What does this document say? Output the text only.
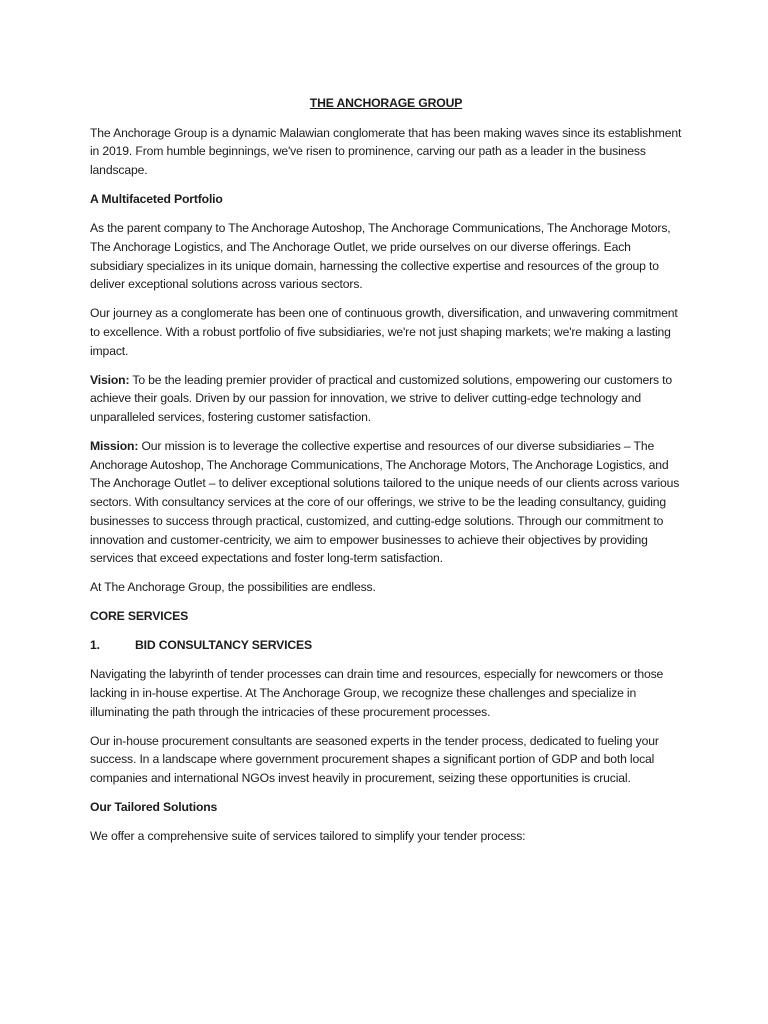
THE ANCHORAGE GROUP

The Anchorage Group is a dynamic Malawian conglomerate that has been making waves since its establishment in 2019. From humble beginnings, we've risen to prominence, carving our path as a leader in the business landscape.

A Multifaceted Portfolio

As the parent company to The Anchorage Autoshop, The Anchorage Communications, The Anchorage Motors, The Anchorage Logistics, and The Anchorage Outlet, we pride ourselves on our diverse offerings. Each subsidiary specializes in its unique domain, harnessing the collective expertise and resources of the group to deliver exceptional solutions across various sectors.

Our journey as a conglomerate has been one of continuous growth, diversification, and unwavering commitment to excellence. With a robust portfolio of five subsidiaries, we're not just shaping markets; we're making a lasting impact.

Vision: To be the leading premier provider of practical and customized solutions, empowering our customers to achieve their goals. Driven by our passion for innovation, we strive to deliver cutting-edge technology and unparalleled services, fostering customer satisfaction.

Mission: Our mission is to leverage the collective expertise and resources of our diverse subsidiaries – The Anchorage Autoshop, The Anchorage Communications, The Anchorage Motors, The Anchorage Logistics, and The Anchorage Outlet – to deliver exceptional solutions tailored to the unique needs of our clients across various sectors. With consultancy services at the core of our offerings, we strive to be the leading consultancy, guiding businesses to success through practical, customized, and cutting-edge solutions. Through our commitment to innovation and customer-centricity, we aim to empower businesses to achieve their objectives by providing services that exceed expectations and foster long-term satisfaction.

At The Anchorage Group, the possibilities are endless.

CORE SERVICES
1.	BID CONSULTANCY SERVICES

Navigating the labyrinth of tender processes can drain time and resources, especially for newcomers or those lacking in in-house expertise. At The Anchorage Group, we recognize these challenges and specialize in illuminating the path through the intricacies of these procurement processes.

Our in-house procurement consultants are seasoned experts in the tender process, dedicated to fueling your success. In a landscape where government procurement shapes a significant portion of GDP and both local companies and international NGOs invest heavily in procurement, seizing these opportunities is crucial.

Our Tailored Solutions

We offer a comprehensive suite of services tailored to simplify your tender process:
